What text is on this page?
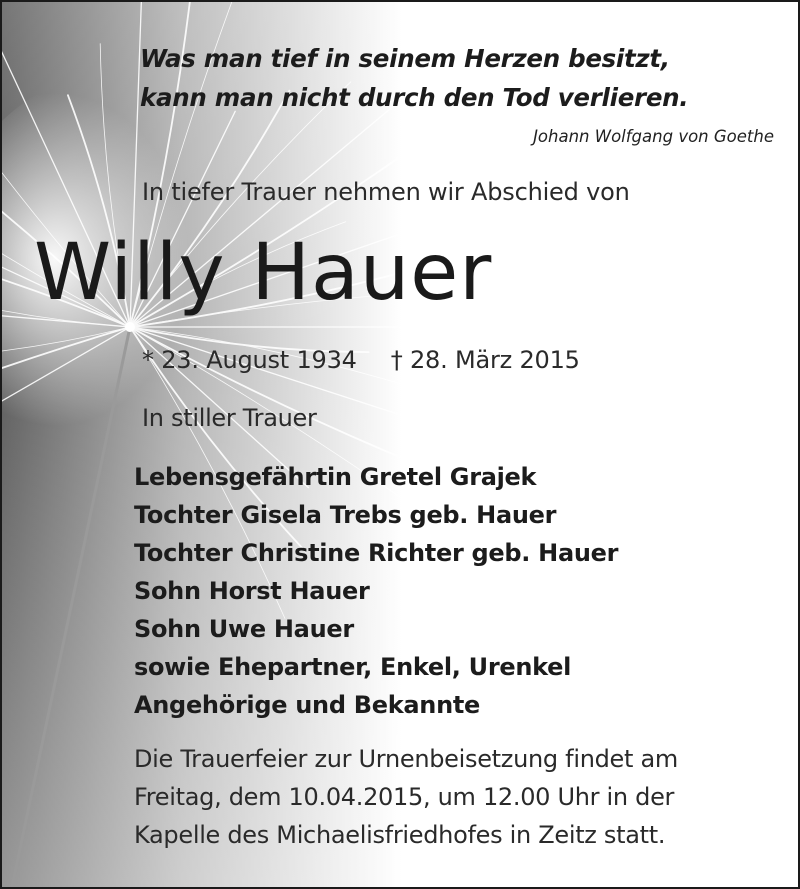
Was man tief in seinem Herzen besitzt,
kann man nicht durch den Tod verlieren.
Johann Wolfgang von Goethe
In tiefer Trauer nehmen wir Abschied von
Willy Hauer
* 23. August 1934 † 28. März 2015
In stiller Trauer
Lebensgefährtin Gretel Grajek
Tochter Gisela Trebs geb. Hauer
Tochter Christine Richter geb. Hauer
Sohn Horst Hauer
Sohn Uwe Hauer
sowie Ehepartner, Enkel, Urenkel
Angehörige und Bekannte
Die Trauerfeier zur Urnenbeisetzung findet am
Freitag, dem 10.04.2015, um 12.00 Uhr in der
Kapelle des Michaelisfriedhofes in Zeitz statt.
